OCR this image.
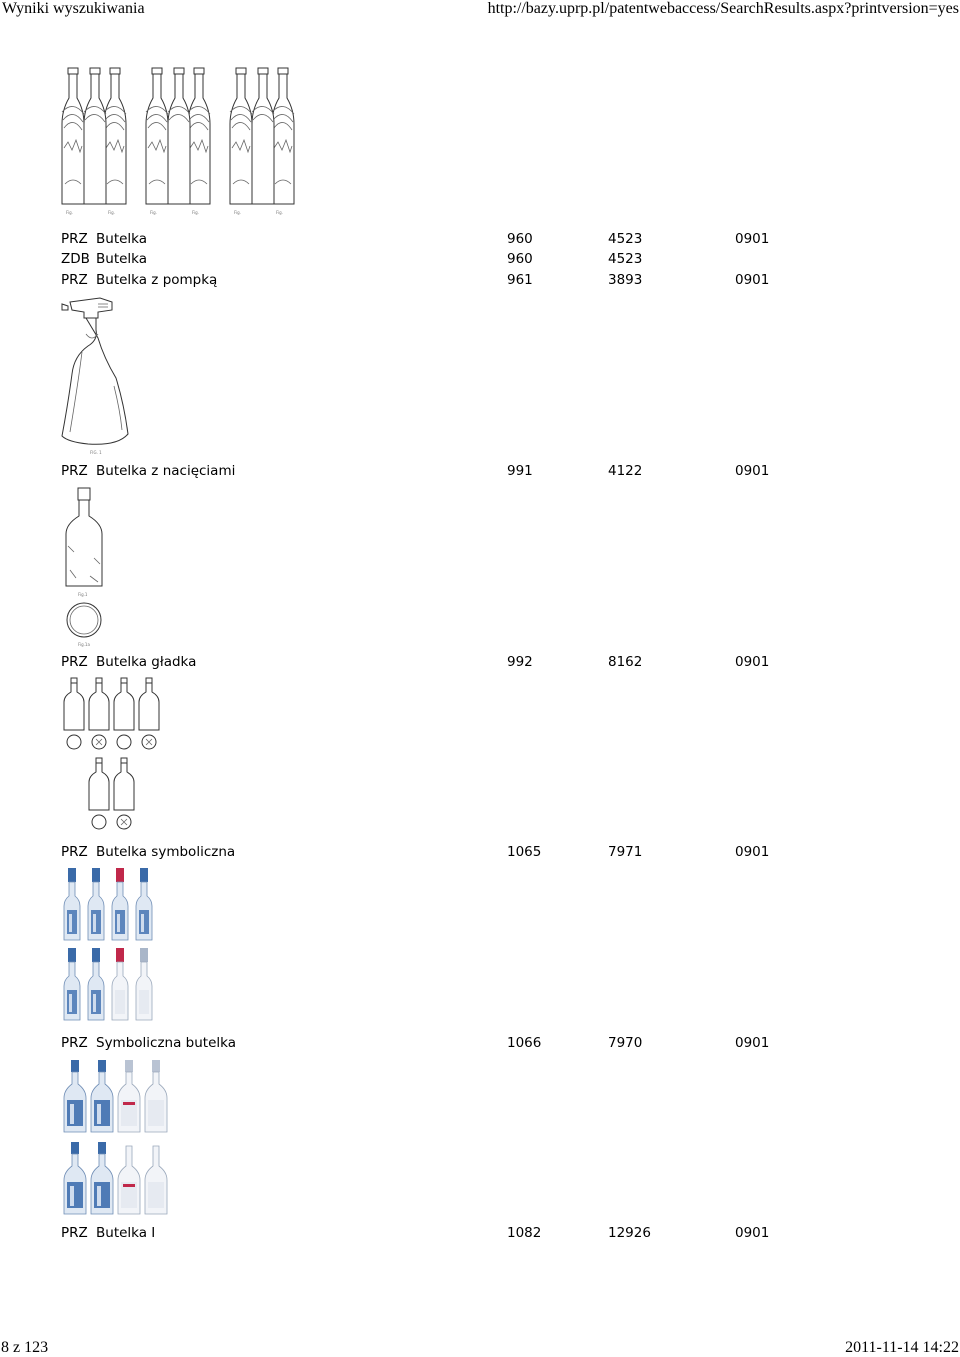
Wyniki wyszukiwania	http://bazy.uprp.pl/patentwebaccess/SearchResults.aspx?printversion=yes
Fig.
PRZ Butelka	960	4523	0901
ZDB Butelka	960	4523
PRZ Butelka z pompką	961	3893	0901
FIG. 1
PRZ Butelka z nacięciami	991	4122	0901
Fig.1
Fig.1a
PRZ Butelka gładka	992	8162	0901
PRZ Butelka symboliczna	1065	7971	0901
PRZ Symboliczna butelka	1066	7970	0901
PRZ Butelka I	1082	12926	0901
8 z 123	2011-11-14 14:22
